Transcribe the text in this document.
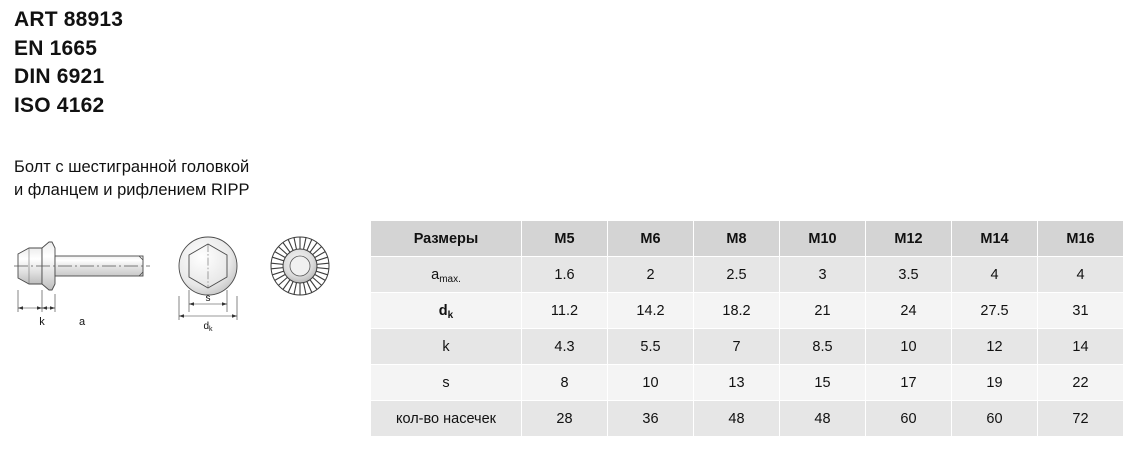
ART 88913
EN 1665
DIN 6921
ISO 4162
Болт с шестигранной головкой
и фланцем и рифлением RIPP
k	a
s
$d_k$
Размеры	M5	M6	M8	M10	M12	M14	M16
$a_{max.}$	1.6	2	2.5	3	3.5	4	4
$d_k$	11.2	14.2	18.2	21	24	27.5	31
k	4.3	5.5	7	8.5	10	12	14
s	8	10	13	15	17	19	22
кол-во насечек	28	36	48	48	60	60	72
